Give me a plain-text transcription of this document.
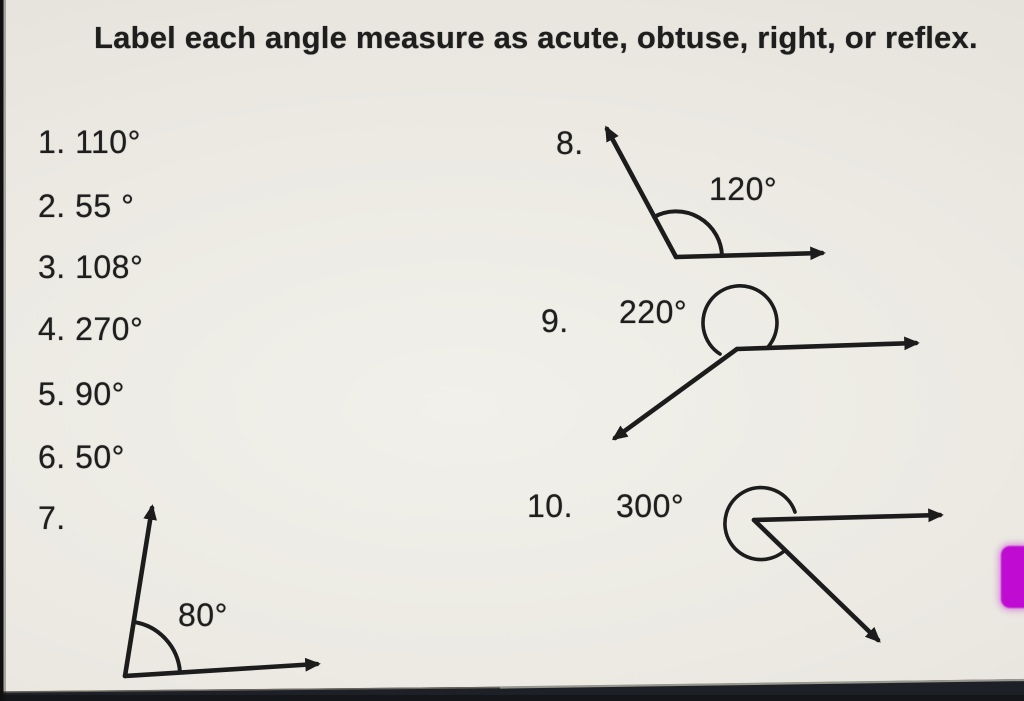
Label each angle measure as acute, obtuse, right, or reflex.
1. 110°
2. 55 °
3. 108°
4. 270°
5. 90°
6. 50°
7.
8.
9.
10.
80°
120°
220°
300°
